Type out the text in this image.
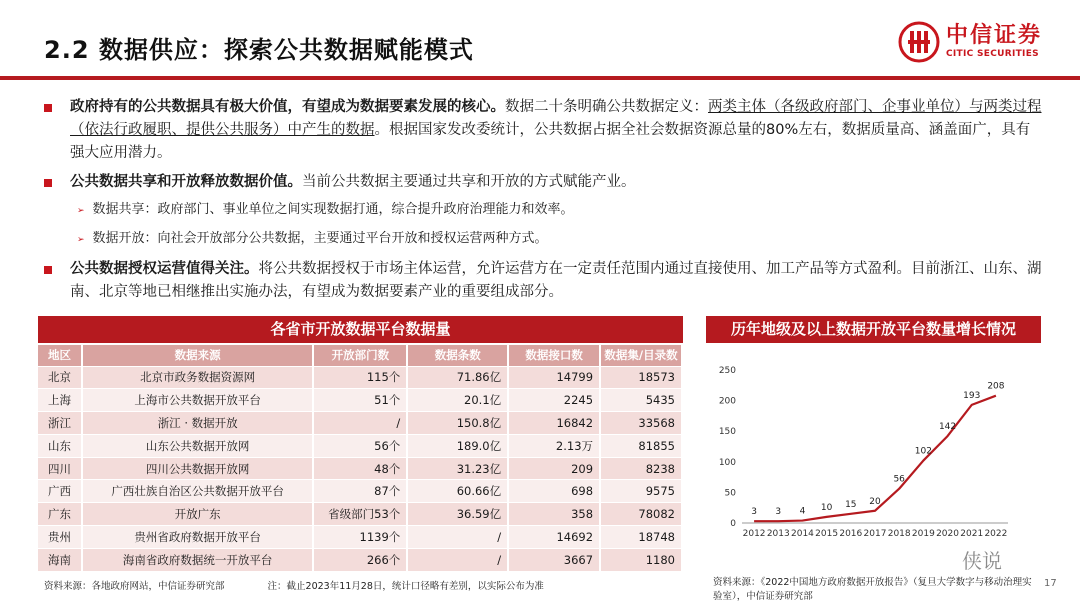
2.2 数据供应：探索公共数据赋能模式
中信证券
CITIC SECURITIES
政府持有的公共数据具有极大价值，有望成为数据要素发展的核心。数据二十条明确公共数据定义：两类主体（各级政府部门、企事业单位）与两类过程（依法行政履职、提供公共服务）中产生的数据。根据国家发改委统计，公共数据占据全社会数据资源总量的80%左右，数据质量高、涵盖面广，具有强大应用潜力。
公共数据共享和开放释放数据价值。当前公共数据主要通过共享和开放的方式赋能产业。
➢ 数据共享：政府部门、事业单位之间实现数据打通，综合提升政府治理能力和效率。
➢ 数据开放：向社会开放部分公共数据，主要通过平台开放和授权运营两种方式。
公共数据授权运营值得关注。将公共数据授权于市场主体运营，允许运营方在一定责任范围内通过直接使用、加工产品等方式盈利。目前浙江、山东、湖南、北京等地已相继推出实施办法，有望成为数据要素产业的重要组成部分。
各省市开放数据平台数据量
地区	数据来源	开放部门数	数据条数	数据接口数	数据集/目录数
北京	北京市政务数据资源网	115个	71.86亿	14799	18573
上海	上海市公共数据开放平台	51个	20.1亿	2245	5435
浙江	浙江 · 数据开放	/	150.8亿	16842	33568
山东	山东公共数据开放网	56个	189.0亿	2.13万	81855
四川	四川公共数据开放网	48个	31.23亿	209	8238
广西	广西壮族自治区公共数据开放平台	87个	60.66亿	698	9575
广东	开放广东	省级部门53个	36.59亿	358	78082
贵州	贵州省政府数据开放平台	1139个	/	14692	18748
海南	海南省政府数据统一开放平台	266个	/	3667	1180
资料来源：各地政府网站，中信证券研究部	注：截止2023年11月28日，统计口径略有差别，以实际公布为准
历年地级及以上数据开放平台数量增长情况
0
50
100
150
200
250
2012 2013 2014 2015 2016 2017 2018 2019 2020 2021 2022
3 3 4 10 15 20
56
102
142
193
208
资料来源：《2022中国地方政府数据开放报告》（复旦大学数字与移动治理实验室），中信证券研究部
17
侠说
